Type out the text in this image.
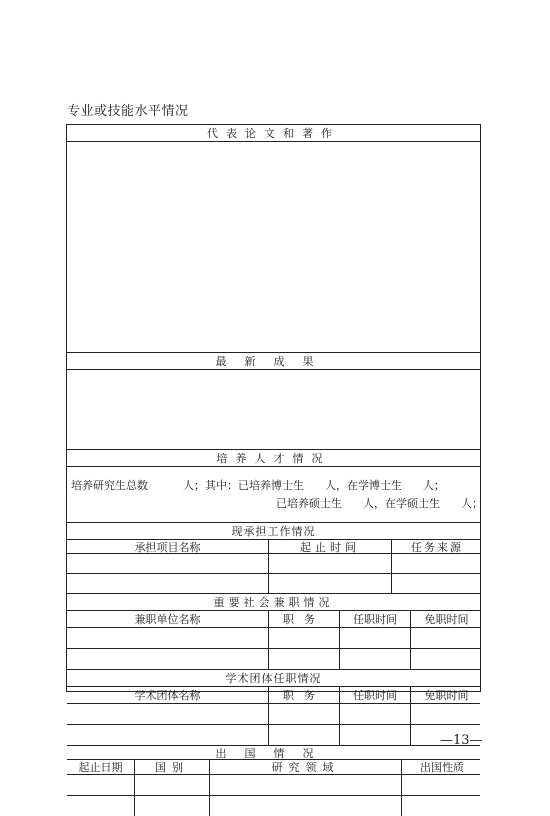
专业或技能水平情况
代表论文和著作
最新成果
培养人才情况
培养研究生总数          人；其中：已培养博士生      人，在学博士生      人；
已培养硕士生      人，在学硕士生      人；
现承担工作情况
承担项目名称	起止时间	任务来源
重要社会兼职情况
兼职单位名称	职务	任职时间	免职时间
学术团体任职情况
学术团体名称	职务	任职时间	免职时间
出国情况
起止日期	国别	研究领域	出国性质
—13—
